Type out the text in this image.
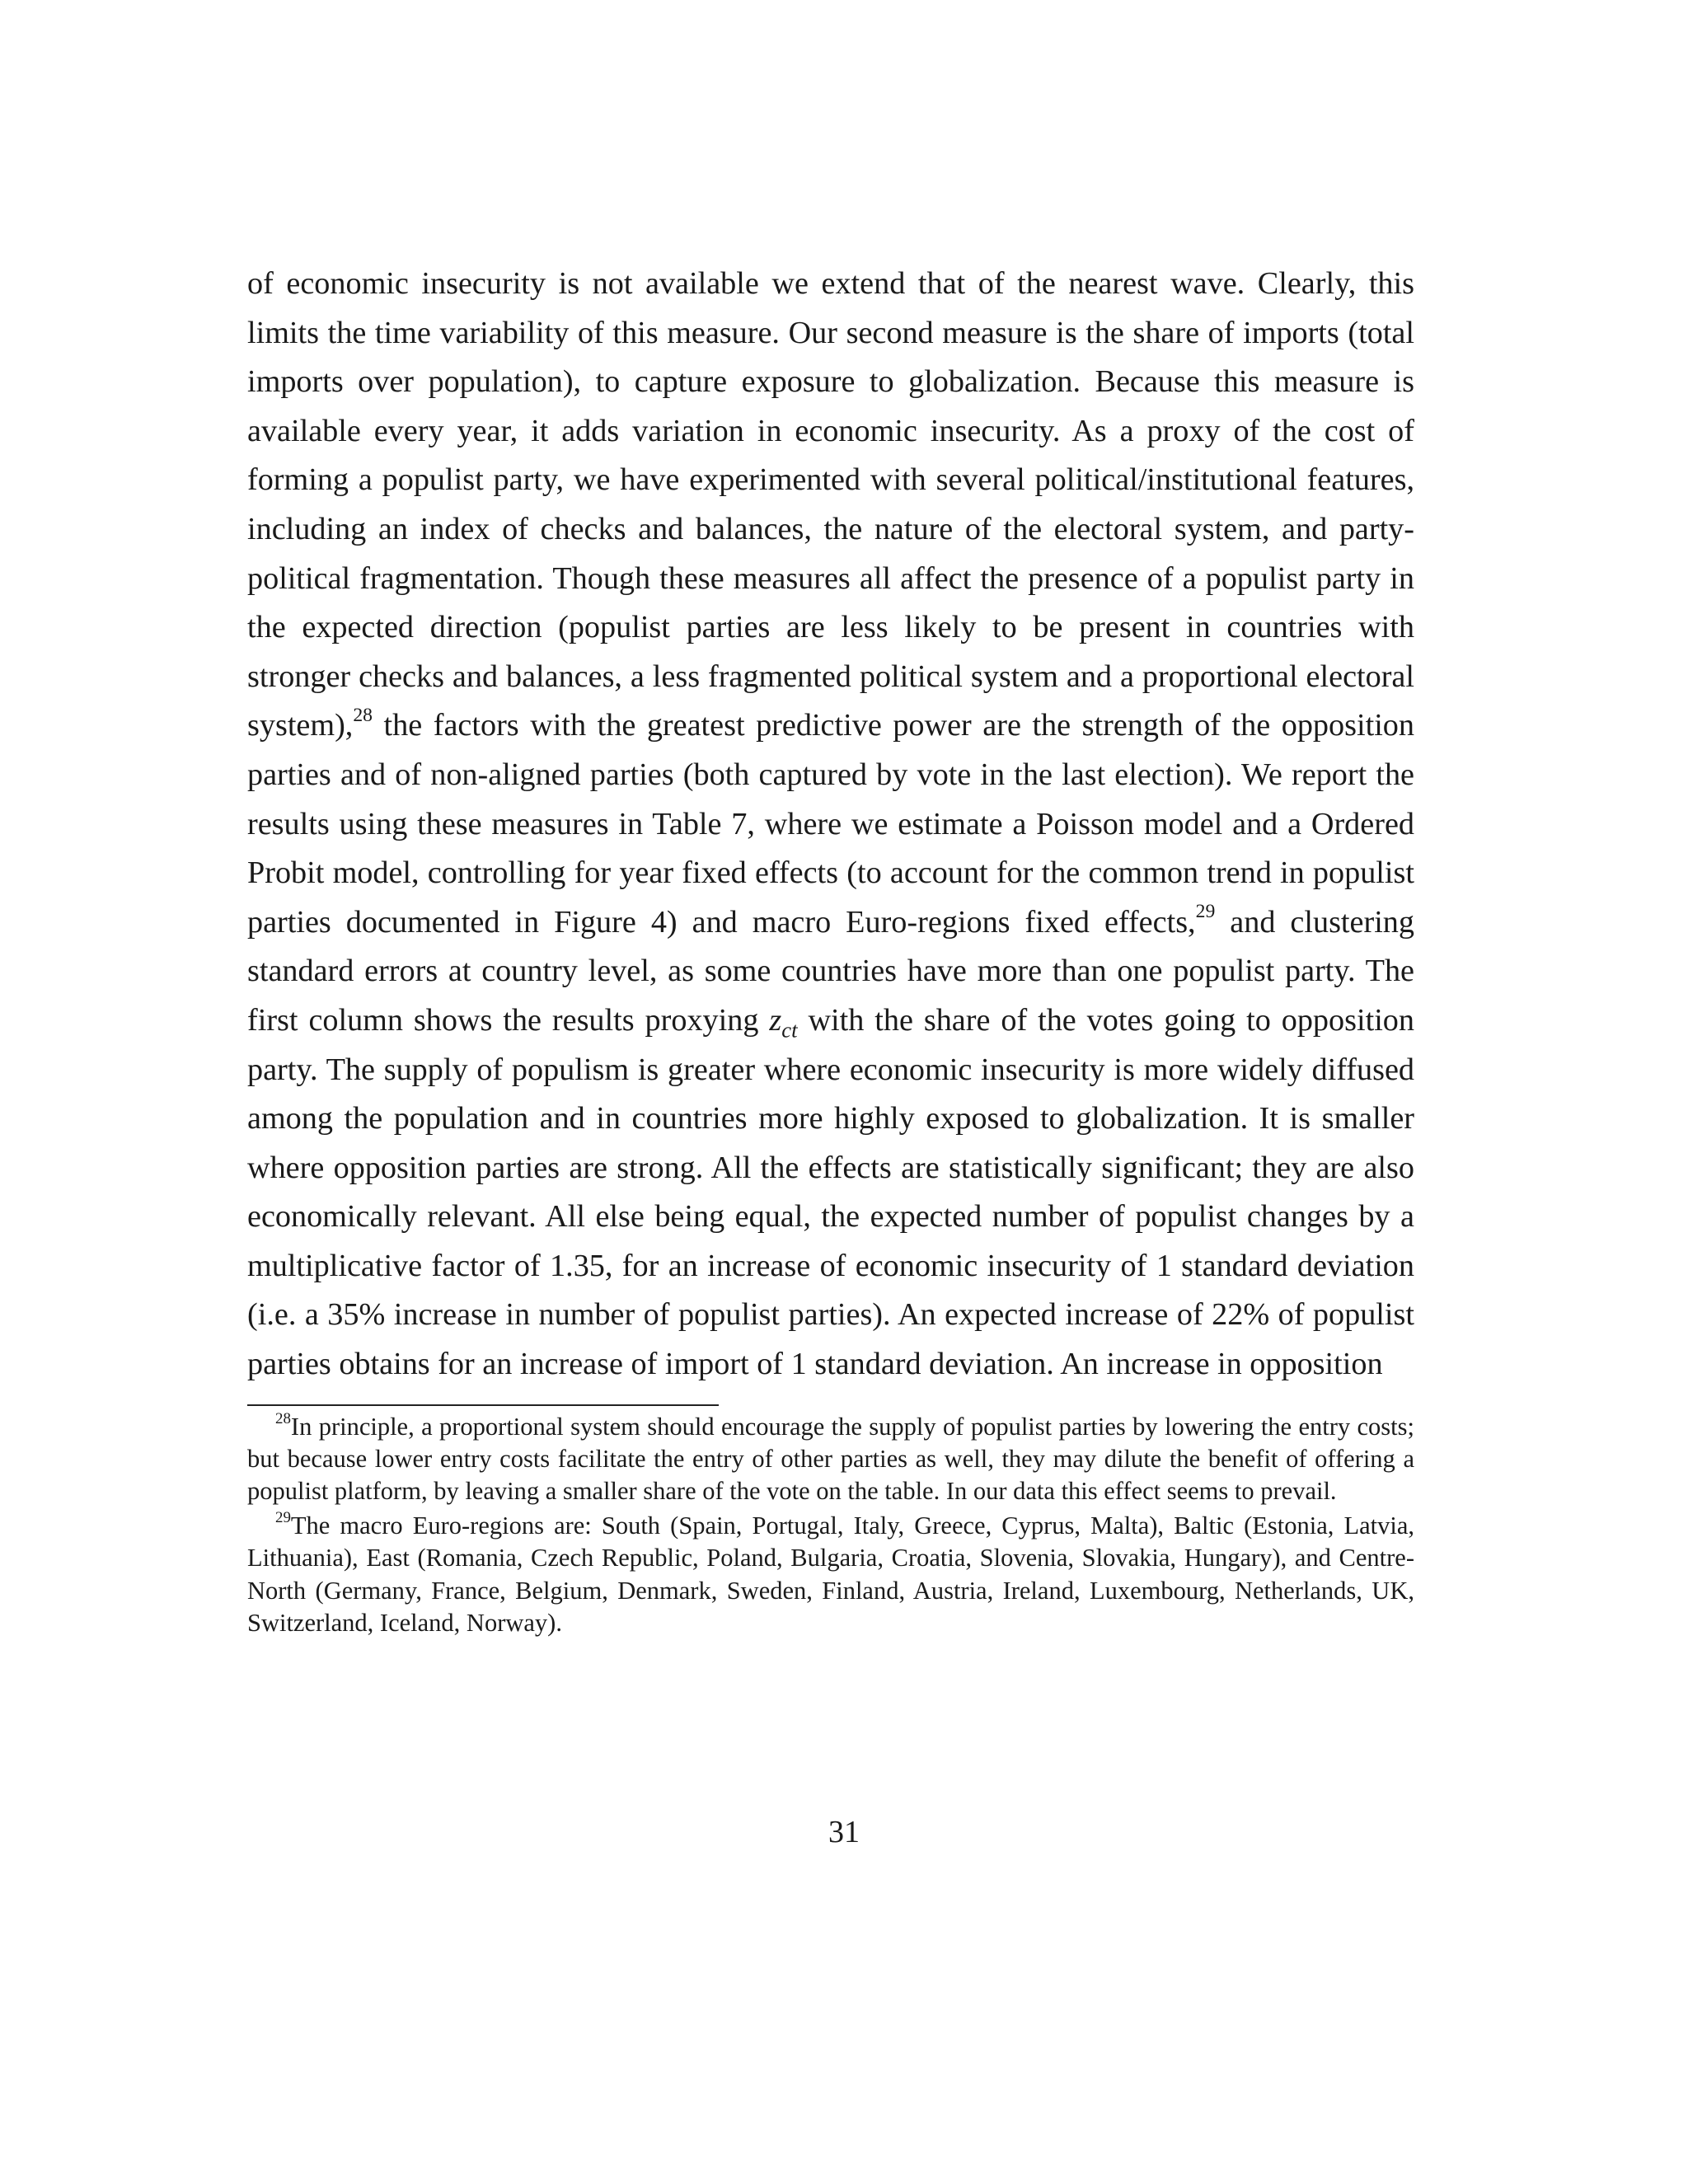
of economic insecurity is not available we extend that of the nearest wave. Clearly, this limits the time variability of this measure. Our second measure is the share of imports (total imports over population), to capture exposure to globalization. Because this measure is available every year, it adds variation in economic insecurity. As a proxy of the cost of forming a populist party, we have experimented with several political/institutional features, including an index of checks and balances, the nature of the electoral system, and party-political fragmentation. Though these measures all affect the presence of a populist party in the expected direction (populist parties are less likely to be present in countries with stronger checks and balances, a less fragmented political system and a proportional electoral system),$^{28}$ the factors with the greatest predictive power are the strength of the opposition parties and of non-aligned parties (both captured by vote in the last election). We report the results using these measures in Table 7, where we estimate a Poisson model and a Ordered Probit model, controlling for year fixed effects (to account for the common trend in populist parties documented in Figure 4) and macro Euro-regions fixed effects,$^{29}$ and clustering standard errors at country level, as some countries have more than one populist party. The first column shows the results proxying $z_{ct}$ with the share of the votes going to opposition party. The supply of populism is greater where economic insecurity is more widely diffused among the population and in countries more highly exposed to globalization. It is smaller where opposition parties are strong. All the effects are statistically significant; they are also economically relevant. All else being equal, the expected number of populist changes by a multiplicative factor of 1.35, for an increase of economic insecurity of 1 standard deviation (i.e. a 35% increase in number of populist parties). An expected increase of 22% of populist parties obtains for an increase of import of 1 standard deviation. An increase in opposition

$^{28}$In principle, a proportional system should encourage the supply of populist parties by lowering the entry costs; but because lower entry costs facilitate the entry of other parties as well, they may dilute the benefit of offering a populist platform, by leaving a smaller share of the vote on the table. In our data this effect seems to prevail.

$^{29}$The macro Euro-regions are: South (Spain, Portugal, Italy, Greece, Cyprus, Malta), Baltic (Estonia, Latvia, Lithuania), East (Romania, Czech Republic, Poland, Bulgaria, Croatia, Slovenia, Slovakia, Hungary), and Centre-North (Germany, France, Belgium, Denmark, Sweden, Finland, Austria, Ireland, Luxembourg, Netherlands, UK, Switzerland, Iceland, Norway).

31
